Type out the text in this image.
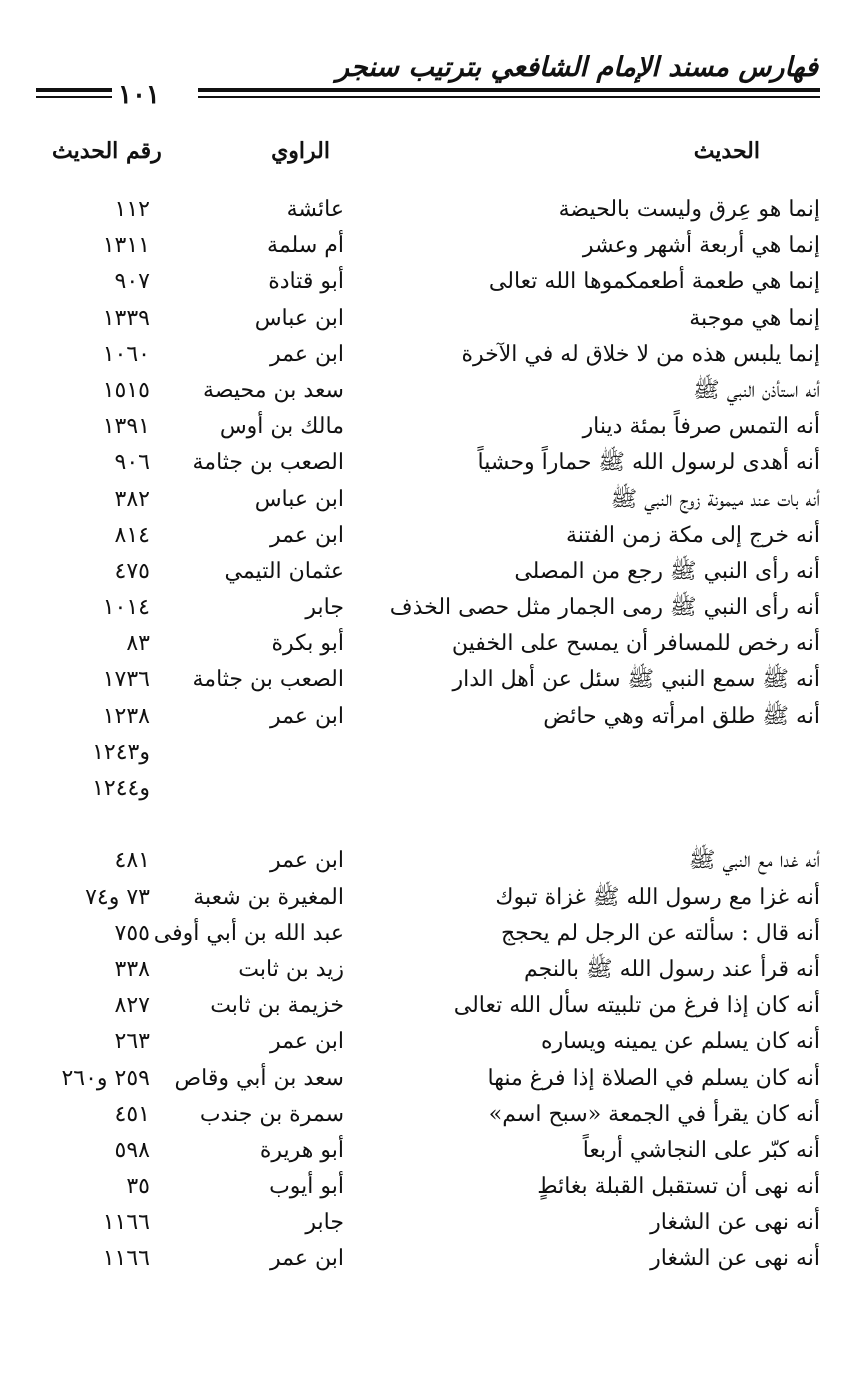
فهارس مسند الإمام الشافعي بترتيب سنجر
١٠١
الحديث
الراوي
رقم الحديث
إنما هو عِرق وليست بالحيضة
عائشة
١١٢
إنما هي أربعة أشهر وعشر
أم سلمة
١٣١١
إنما هي طعمة أطعمكموها الله تعالى
أبو قتادة
٩٠٧
إنما هي موجبة
ابن عباس
١٣٣٩
إنما يلبس هذه من لا خلاق له في الآخرة
ابن عمر
١٠٦٠
أنه استأذن النبي ﷺ
سعد بن محيصة
١٥١٥
أنه التمس صرفاً بمئة دينار
مالك بن أوس
١٣٩١
أنه أهدى لرسول الله ﷺ حماراً وحشياً
الصعب بن جثامة
٩٠٦
أنه بات عند ميمونة زوج النبي ﷺ
ابن عباس
٣٨٢
أنه خرج إلى مكة زمن الفتنة
ابن عمر
٨١٤
أنه رأى النبي ﷺ رجع من المصلى
عثمان التيمي
٤٧٥
أنه رأى النبي ﷺ رمى الجمار مثل حصى الخذف
جابر
١٠١٤
أنه رخص للمسافر أن يمسح على الخفين
أبو بكرة
٨٣
أنه ﷺ سمع النبي ﷺ سئل عن أهل الدار
الصعب بن جثامة
١٧٣٦
أنه ﷺ طلق امرأته وهي حائض
ابن عمر
١٢٣٨
و١٢٤٣
و١٢٤٤
أنه غدا مع النبي ﷺ
ابن عمر
٤٨١
أنه غزا مع رسول الله ﷺ غزاة تبوك
المغيرة بن شعبة
٧٣ و٧٤
أنه قال : سألته عن الرجل لم يحجج
عبد الله بن أبي أوفى
٧٥٥
أنه قرأ عند رسول الله ﷺ بالنجم
زيد بن ثابت
٣٣٨
أنه كان إذا فرغ من تلبيته سأل الله تعالى
خزيمة بن ثابت
٨٢٧
أنه كان يسلم عن يمينه ويساره
ابن عمر
٢٦٣
أنه كان يسلم في الصلاة إذا فرغ منها
سعد بن أبي وقاص
٢٥٩ و٢٦٠
أنه كان يقرأ في الجمعة «سبح اسم»
سمرة بن جندب
٤٥١
أنه كبّر على النجاشي أربعاً
أبو هريرة
٥٩٨
أنه نهى أن تستقبل القبلة بغائطٍ
أبو أيوب
٣٥
أنه نهى عن الشغار
جابر
١١٦٦
أنه نهى عن الشغار
ابن عمر
١١٦٦
